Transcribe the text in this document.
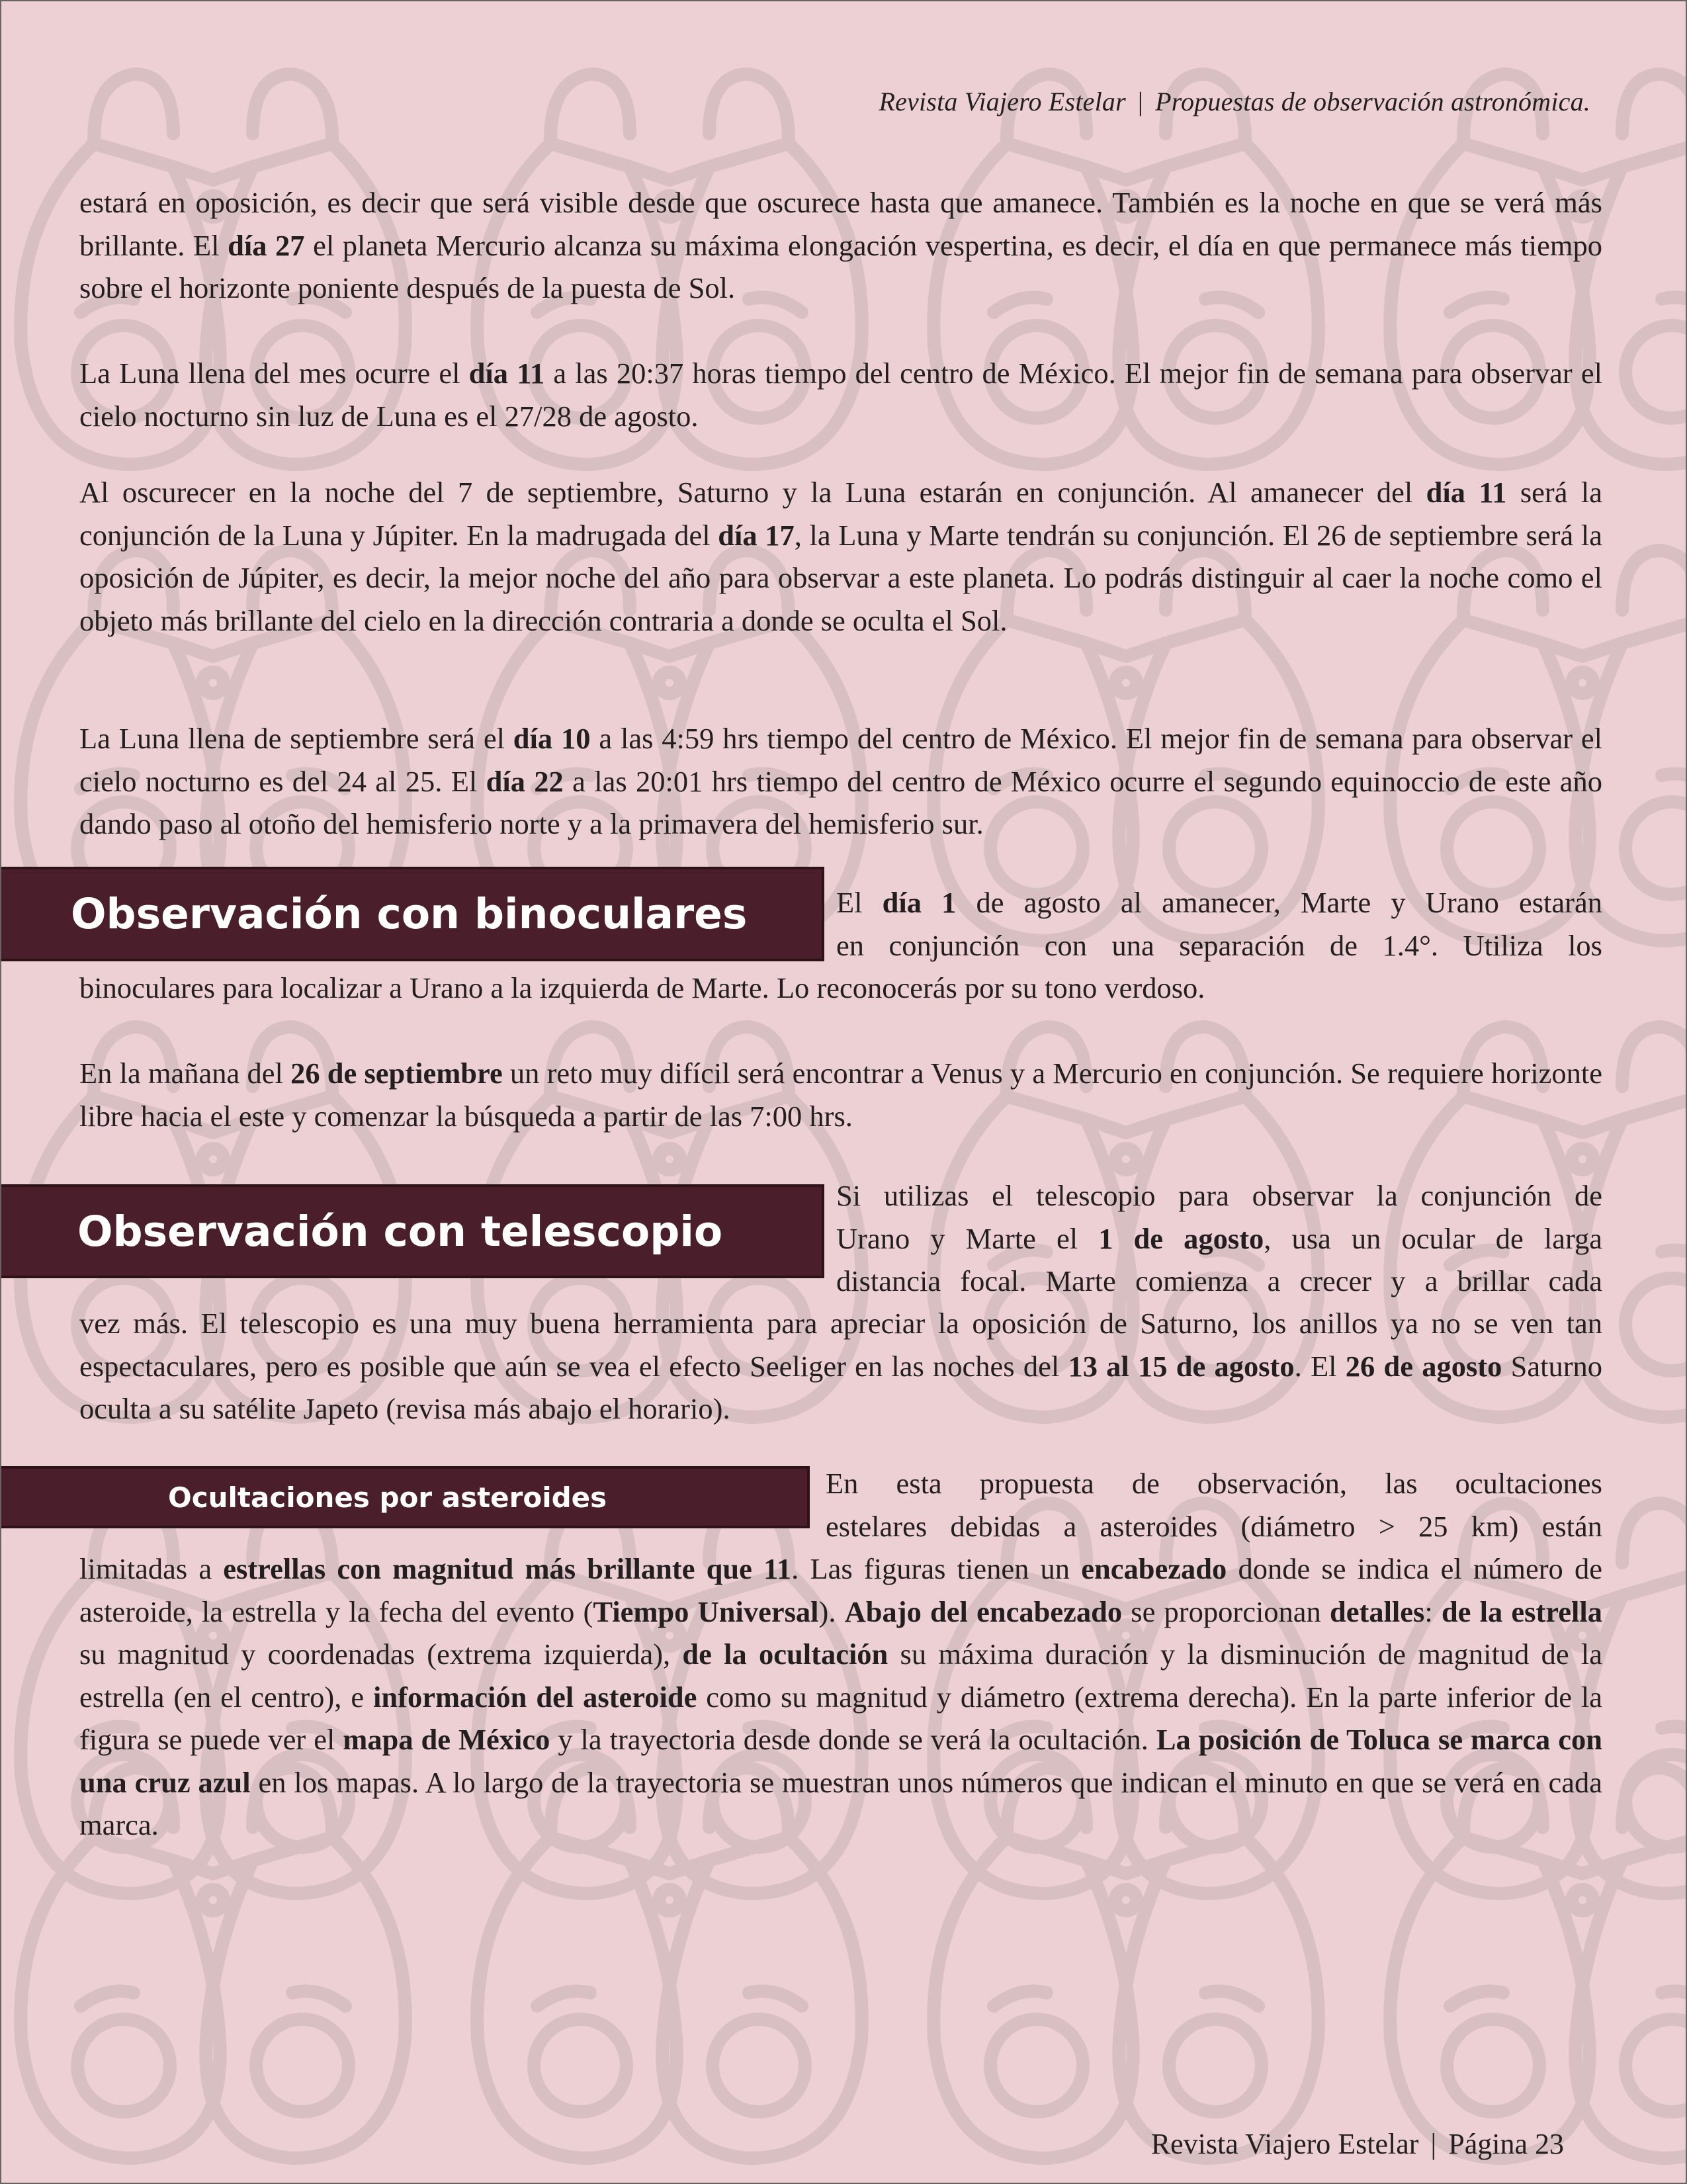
Revista Viajero Estelar | Propuestas de observación astronómica.

estará en oposición, es decir que será visible desde que oscurece hasta que amanece. También es la noche en que se verá más brillante. El día 27 el planeta Mercurio alcanza su máxima elongación vespertina, es decir, el día en que permanece más tiempo sobre el horizonte poniente después de la puesta de Sol.

La Luna llena del mes ocurre el día 11 a las 20:37 horas tiempo del centro de México. El mejor fin de semana para observar el cielo nocturno sin luz de Luna es el 27/28 de agosto.

Al oscurecer en la noche del 7 de septiembre, Saturno y la Luna estarán en conjunción. Al amanecer del día 11 será la conjunción de la Luna y Júpiter. En la madrugada del día 17, la Luna y Marte tendrán su conjunción. El 26 de septiembre será la oposición de Júpiter, es decir, la mejor noche del año para observar a este planeta. Lo podrás distinguir al caer la noche como el objeto más brillante del cielo en la dirección contraria a donde se oculta el Sol.

La Luna llena de septiembre será el día 10 a las 4:59 hrs tiempo del centro de México. El mejor fin de semana para observar el cielo nocturno es del 24 al 25. El día 22 a las 20:01 hrs tiempo del centro de México ocurre el segundo equinoccio de este año dando paso al otoño del hemisferio norte y a la primavera del hemisferio sur.

Observación con binoculares	El día 1 de agosto al amanecer, Marte y Urano estarán
en conjunción con una separación de 1.4°. Utiliza los

binoculares para localizar a Urano a la izquierda de Marte. Lo reconocerás por su tono verdoso.

En la mañana del 26 de septiembre un reto muy difícil será encontrar a Venus y a Mercurio en conjunción. Se requiere horizonte libre hacia el este y comenzar la búsqueda a partir de las 7:00 hrs.

Observación con telescopio
Si utilizas el telescopio para observar la conjunción de
Urano y Marte el 1 de agosto, usa un ocular de larga
distancia focal. Marte comienza a crecer y a brillar cada

vez más. El telescopio es una muy buena herramienta para apreciar la oposición de Saturno, los anillos ya no se ven tan espectaculares, pero es posible que aún se vea el efecto Seeliger en las noches del 13 al 15 de agosto. El 26 de agosto Saturno oculta a su satélite Japeto (revisa más abajo el horario).

Ocultaciones por asteroides	En esta propuesta de observación, las ocultaciones
estelares debidas a asteroides (diámetro > 25 km) están

limitadas a estrellas con magnitud más brillante que 11. Las figuras tienen un encabezado donde se indica el número de asteroide, la estrella y la fecha del evento (Tiempo Universal). Abajo del encabezado se proporcionan detalles: de la estrella su magnitud y coordenadas (extrema izquierda), de la ocultación su máxima duración y la disminución de magnitud de la estrella (en el centro), e información del asteroide como su magnitud y diámetro (extrema derecha). En la parte inferior de la figura se puede ver el mapa de México y la trayectoria desde donde se verá la ocultación. La posición de Toluca se marca con una cruz azul en los mapas. A lo largo de la trayectoria se muestran unos números que indican el minuto en que se verá en cada marca.

Revista Viajero Estelar | Página 23
